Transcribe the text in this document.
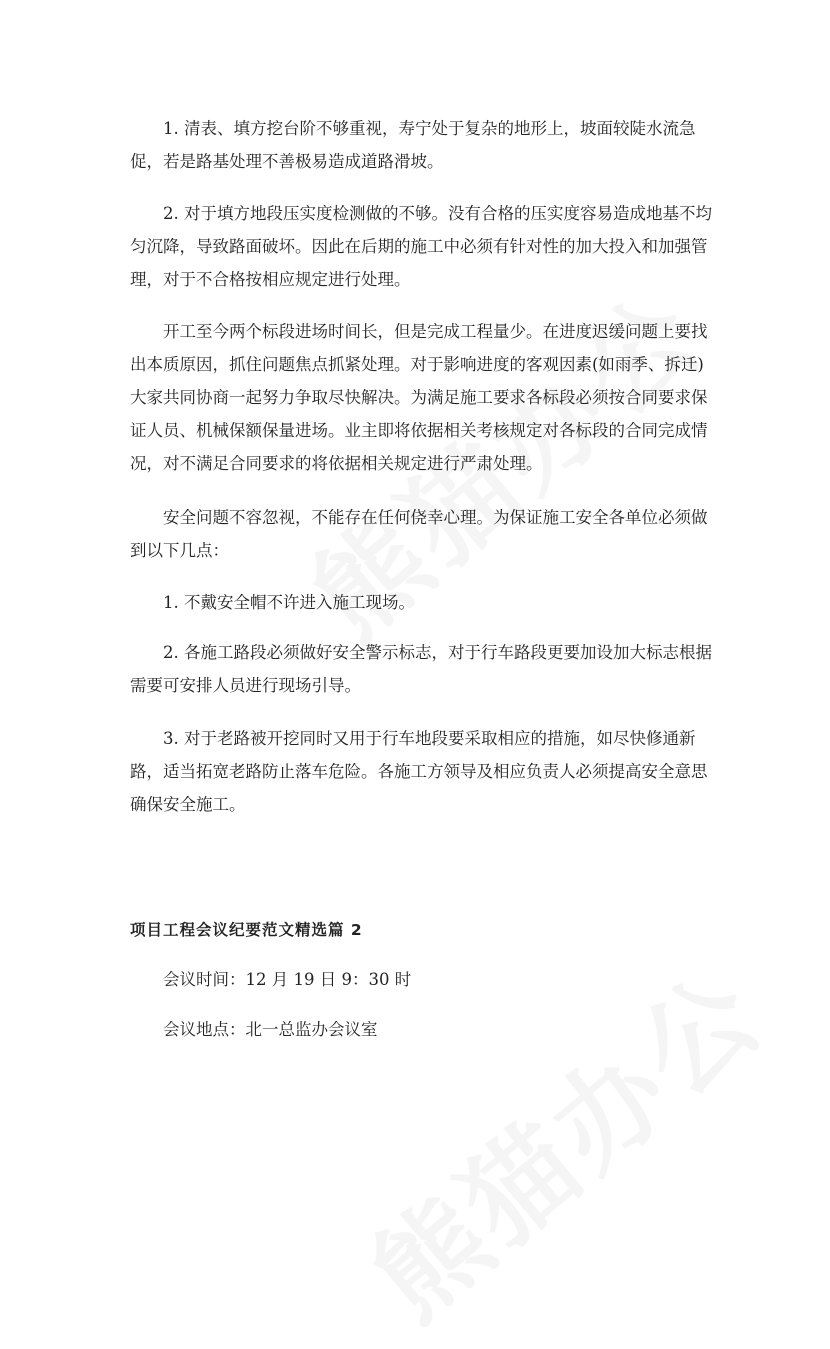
1. 清表、填方挖台阶不够重视，寿宁处于复杂的地形上，坡面较陡水流急促，若是路基处理不善极易造成道路滑坡。

2. 对于填方地段压实度检测做的不够。没有合格的压实度容易造成地基不均匀沉降，导致路面破坏。因此在后期的施工中必须有针对性的加大投入和加强管理，对于不合格按相应规定进行处理。

开工至今两个标段进场时间长，但是完成工程量少。在进度迟缓问题上要找出本质原因，抓住问题焦点抓紧处理。对于影响进度的客观因素(如雨季、拆迁)大家共同协商一起努力争取尽快解决。为满足施工要求各标段必须按合同要求保证人员、机械保额保量进场。业主即将依据相关考核规定对各标段的合同完成情况，对不满足合同要求的将依据相关规定进行严肃处理。

安全问题不容忽视，不能存在任何侥幸心理。为保证施工安全各单位必须做到以下几点：

1. 不戴安全帽不许进入施工现场。

2. 各施工路段必须做好安全警示标志，对于行车路段更要加设加大标志根据需要可安排人员进行现场引导。

3. 对于老路被开挖同时又用于行车地段要采取相应的措施，如尽快修通新路，适当拓宽老路防止落车危险。各施工方领导及相应负责人必须提高安全意思确保安全施工。

项目工程会议纪要范文精选篇 2

会议时间：12 月 19 日 9：30 时

会议地点：北一总监办会议室
